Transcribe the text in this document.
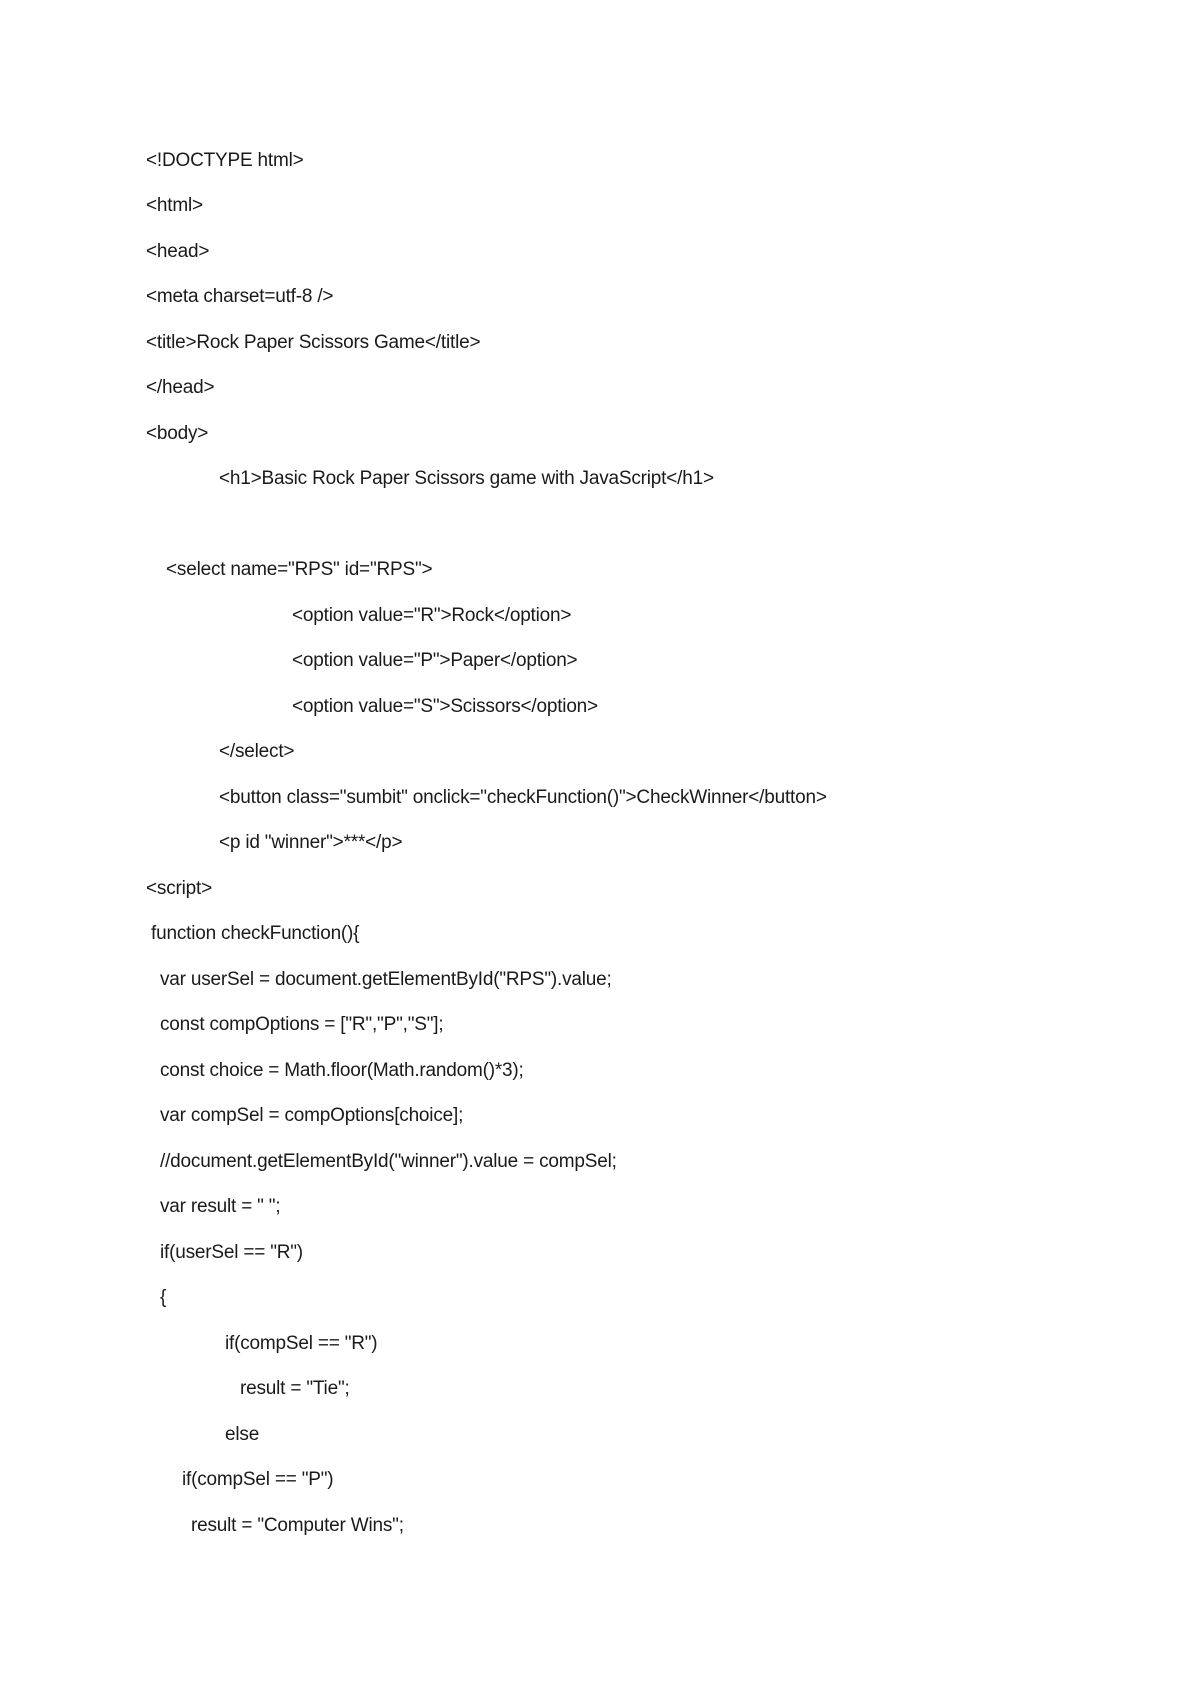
<!DOCTYPE html>
<html>
<head>
<meta charset=utf-8 />
<title>Rock Paper Scissors Game</title>
</head>
<body>
<h1>Basic Rock Paper Scissors game with JavaScript</h1>
<select name="RPS" id="RPS">
<option value="R">Rock</option>
<option value="P">Paper</option>
<option value="S">Scissors</option>
</select>
<button class="sumbit" onclick="checkFunction()">CheckWinner</button>
<p id "winner">***</p>
<script>
function checkFunction(){
var userSel = document.getElementById("RPS").value;
const compOptions = ["R","P","S"];
const choice = Math.floor(Math.random()*3);
var compSel = compOptions[choice];
//document.getElementById("winner").value = compSel;
var result = " ";
if(userSel == "R")
{
if(compSel == "R")
result = "Tie";
else
if(compSel == "P")
result = "Computer Wins";
